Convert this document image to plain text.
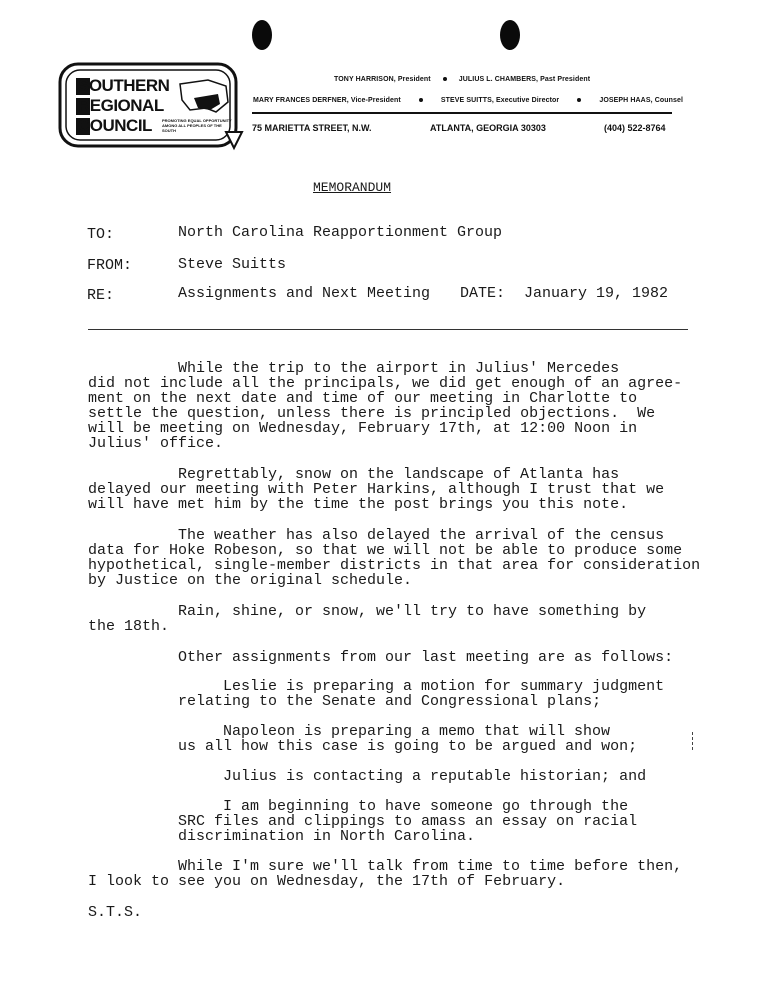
SOUTHERN
REGIONAL
COUNCIL	PROMOTING EQUAL OPPORTUNITY AMONG ALL PEOPLES OF THE SOUTH
TONY HARRISON, President	JULIUS L. CHAMBERS, Past President
MARY FRANCES DERFNER, Vice-President	STEVE SUITTS, Executive Director	JOSEPH HAAS, Counsel
75 MARIETTA STREET, N.W.	ATLANTA, GEORGIA 30303	(404) 522-8764
MEMORANDUM
TO:	North Carolina Reapportionment Group
FROM:	Steve Suitts
RE:	Assignments and Next Meeting DATE: January 19, 1982
While the trip to the airport in Julius' Mercedes
did not include all the principals, we did get enough of an agree-
ment on the next date and time of our meeting in Charlotte to
settle the question, unless there is principled objections.  We
will be meeting on Wednesday, February 17th, at 12:00 Noon in
Julius' office.
Regrettably, snow on the landscape of Atlanta has
delayed our meeting with Peter Harkins, although I trust that we
will have met him by the time the post brings you this note.
The weather has also delayed the arrival of the census
data for Hoke Robeson, so that we will not be able to produce some
hypothetical, single-member districts in that area for consideration
by Justice on the original schedule.
Rain, shine, or snow, we'll try to have something by
the 18th.
Other assignments from our last meeting are as follows:
Leslie is preparing a motion for summary judgment
relating to the Senate and Congressional plans;
Napoleon is preparing a memo that will show
us all how this case is going to be argued and won;
Julius is contacting a reputable historian; and
I am beginning to have someone go through the
SRC files and clippings to amass an essay on racial
discrimination in North Carolina.
While I'm sure we'll talk from time to time before then,
I look to see you on Wednesday, the 17th of February.
S.T.S.
